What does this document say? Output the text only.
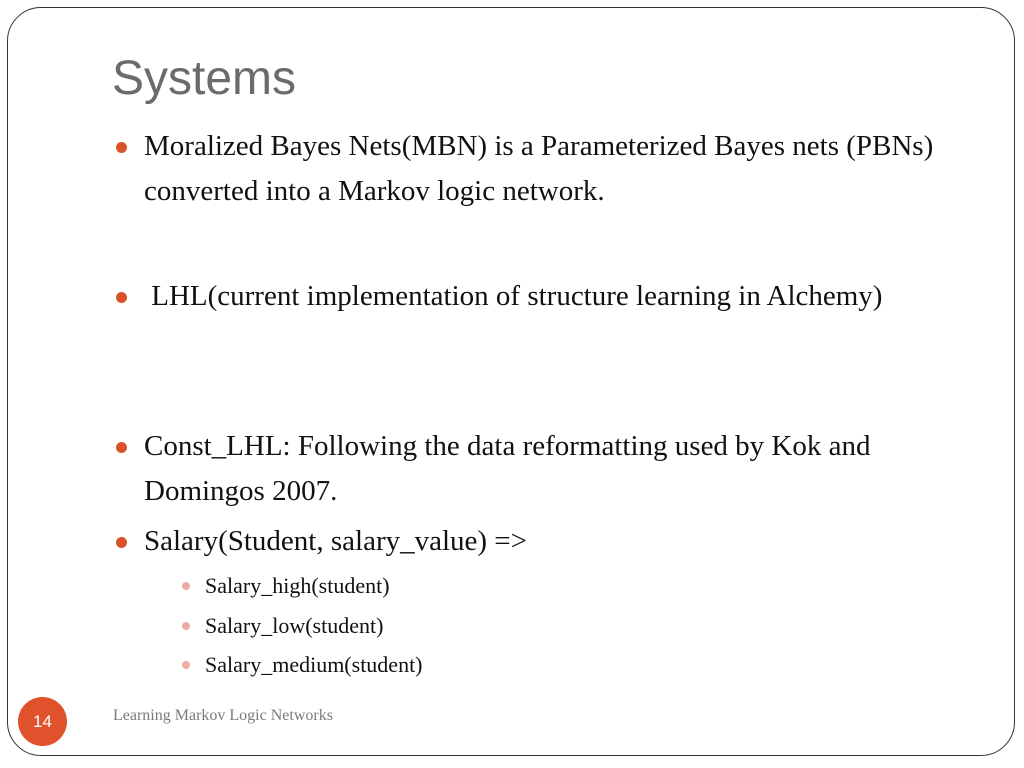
Systems
Moralized Bayes Nets(MBN) is a Parameterized Bayes nets (PBNs) converted into a Markov logic network.
LHL(current implementation of structure learning in Alchemy)
Const_LHL: Following the data reformatting used by Kok and Domingos 2007.
Salary(Student, salary_value) =>
Salary_high(student)
Salary_low(student)
Salary_medium(student)
14	Learning Markov Logic Networks
